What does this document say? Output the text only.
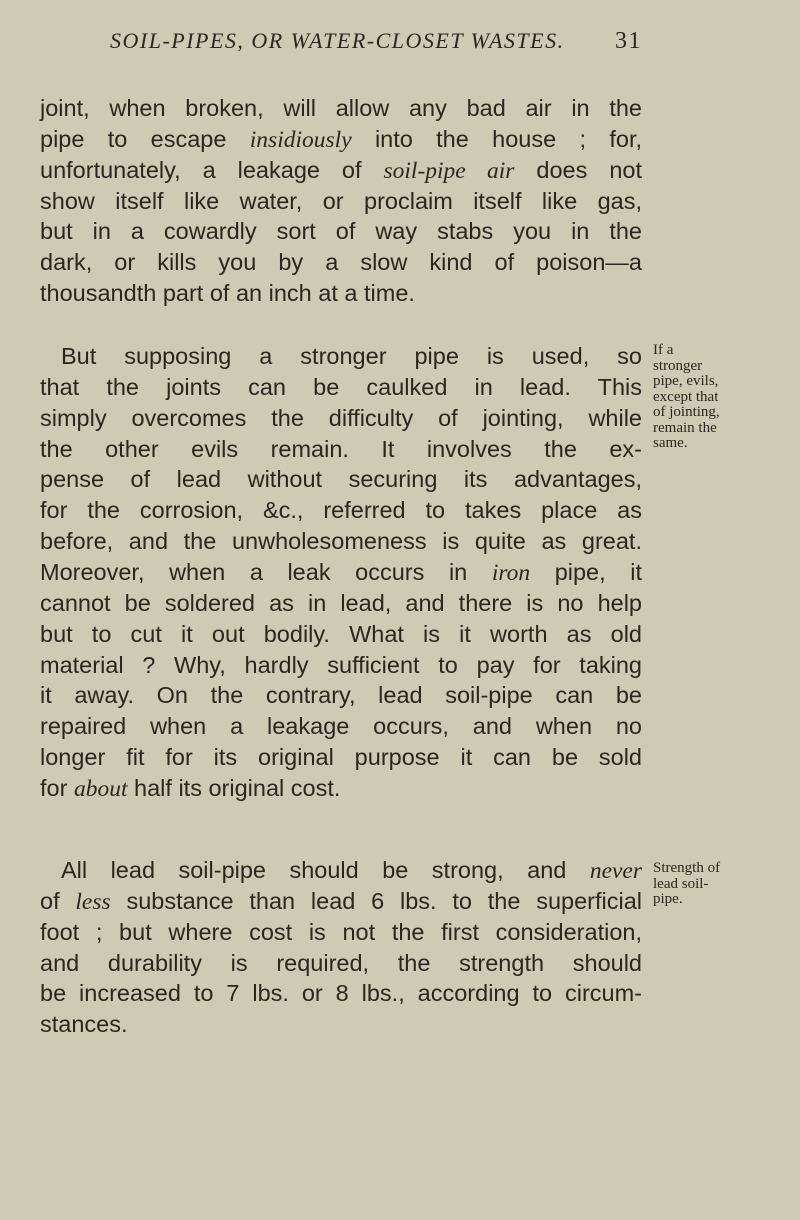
SOIL-PIPES, OR WATER-CLOSET WASTES. 31
joint, when broken, will allow any bad air in the
pipe to escape insidiously into the house ; for,
unfortunately, a leakage of soil-pipe air does not
show itself like water, or proclaim itself like gas,
but in a cowardly sort of way stabs you in the
dark, or kills you by a slow kind of poison—a
thousandth part of an inch at a time.
But supposing a stronger pipe is used, so
that the joints can be caulked in lead. This
simply overcomes the difficulty of jointing, while
the other evils remain. It involves the ex-
pense of lead without securing its advantages,
for the corrosion, &c., referred to takes place as
before, and the unwholesomeness is quite as great.
Moreover, when a leak occurs in iron pipe, it
cannot be soldered as in lead, and there is no help
but to cut it out bodily. What is it worth as old
material ? Why, hardly sufficient to pay for taking
it away. On the contrary, lead soil-pipe can be
repaired when a leakage occurs, and when no
longer fit for its original purpose it can be sold
for about half its original cost.
All lead soil-pipe should be strong, and never
of less substance than lead 6 lbs. to the superficial
foot ; but where cost is not the first consideration,
and durability is required, the strength should
be increased to 7 lbs. or 8 lbs., according to circum-
stances.
If a
stronger
pipe, evils,
except that
of jointing,
remain the
same.
Strength of
lead soil-
pipe.
